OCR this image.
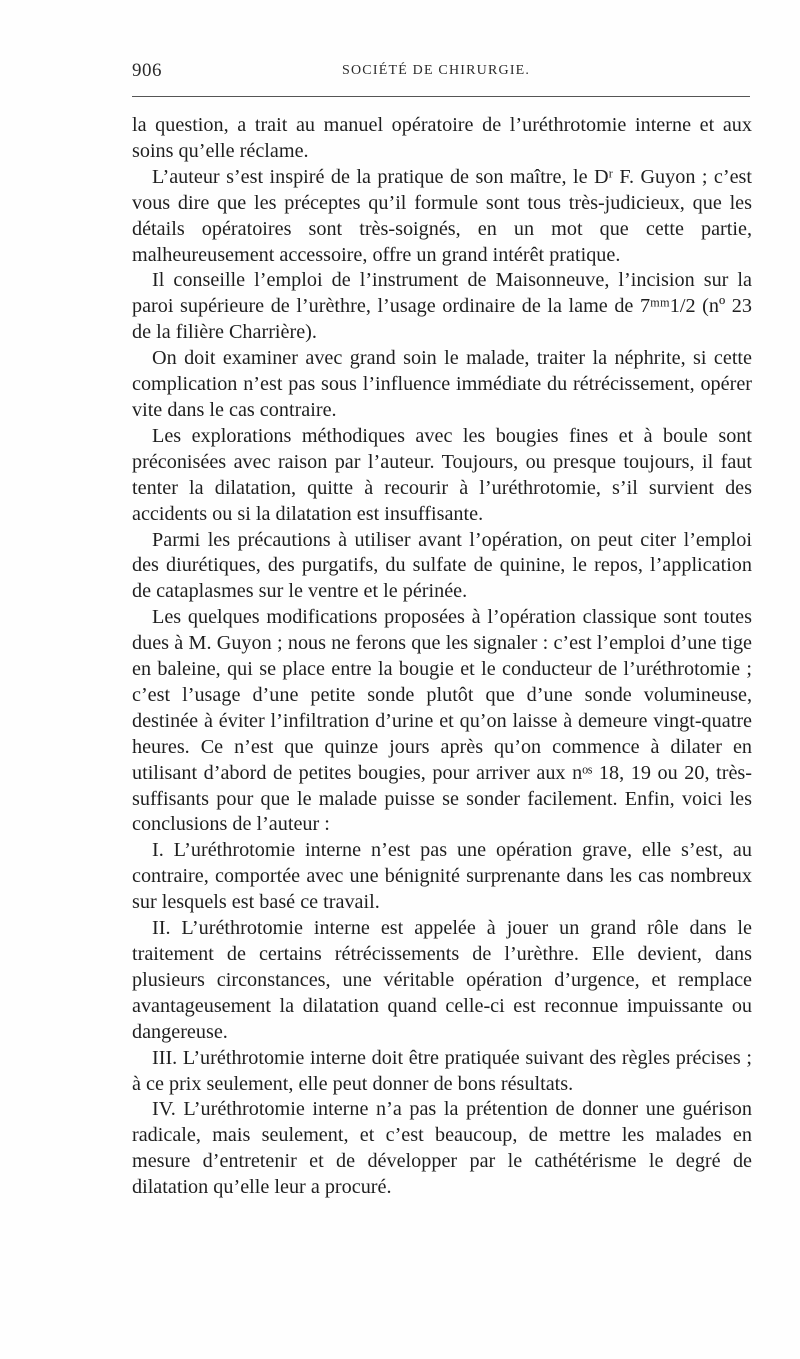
906	SOCIÉTÉ DE CHIRURGIE.

la question, a trait au manuel opératoire de l’uréthrotomie interne et aux soins qu’elle réclame.

L’auteur s’est inspiré de la pratique de son maître, le Dʳ F. Guyon ; c’est vous dire que les préceptes qu’il formule sont tous très-judicieux, que les détails opératoires sont très-soignés, en un mot que cette partie, malheureusement accessoire, offre un grand intérêt pratique.

Il conseille l’emploi de l’instrument de Maisonneuve, l’incision sur la paroi supérieure de l’urèthre, l’usage ordinaire de la lame de 7ᵐᵐ1/2 (nº 23 de la filière Charrière).

On doit examiner avec grand soin le malade, traiter la néphrite, si cette complication n’est pas sous l’influence immédiate du rétrécissement, opérer vite dans le cas contraire.

Les explorations méthodiques avec les bougies fines et à boule sont préconisées avec raison par l’auteur. Toujours, ou presque toujours, il faut tenter la dilatation, quitte à recourir à l’uréthrotomie, s’il survient des accidents ou si la dilatation est insuffisante.

Parmi les précautions à utiliser avant l’opération, on peut citer l’emploi des diurétiques, des purgatifs, du sulfate de quinine, le repos, l’application de cataplasmes sur le ventre et le périnée.

Les quelques modifications proposées à l’opération classique sont toutes dues à M. Guyon ; nous ne ferons que les signaler : c’est l’emploi d’une tige en baleine, qui se place entre la bougie et le conducteur de l’uréthrotomie ; c’est l’usage d’une petite sonde plutôt que d’une sonde volumineuse, destinée à éviter l’infiltration d’urine et qu’on laisse à demeure vingt-quatre heures. Ce n’est que quinze jours après qu’on commence à dilater en utilisant d’abord de petites bougies, pour arriver aux nᵒˢ 18, 19 ou 20, très-suffisants pour que le malade puisse se sonder facilement. Enfin, voici les conclusions de l’auteur :

I. L’uréthrotomie interne n’est pas une opération grave, elle s’est, au contraire, comportée avec une bénignité surprenante dans les cas nombreux sur lesquels est basé ce travail.

II. L’uréthrotomie interne est appelée à jouer un grand rôle dans le traitement de certains rétrécissements de l’urèthre. Elle devient, dans plusieurs circonstances, une véritable opération d’urgence, et remplace avantageusement la dilatation quand celle-ci est reconnue impuissante ou dangereuse.

III. L’uréthrotomie interne doit être pratiquée suivant des règles précises ; à ce prix seulement, elle peut donner de bons résultats.

IV. L’uréthrotomie interne n’a pas la prétention de donner une guérison radicale, mais seulement, et c’est beaucoup, de mettre les malades en mesure d’entretenir et de développer par le cathétérisme le degré de dilatation qu’elle leur a procuré.
